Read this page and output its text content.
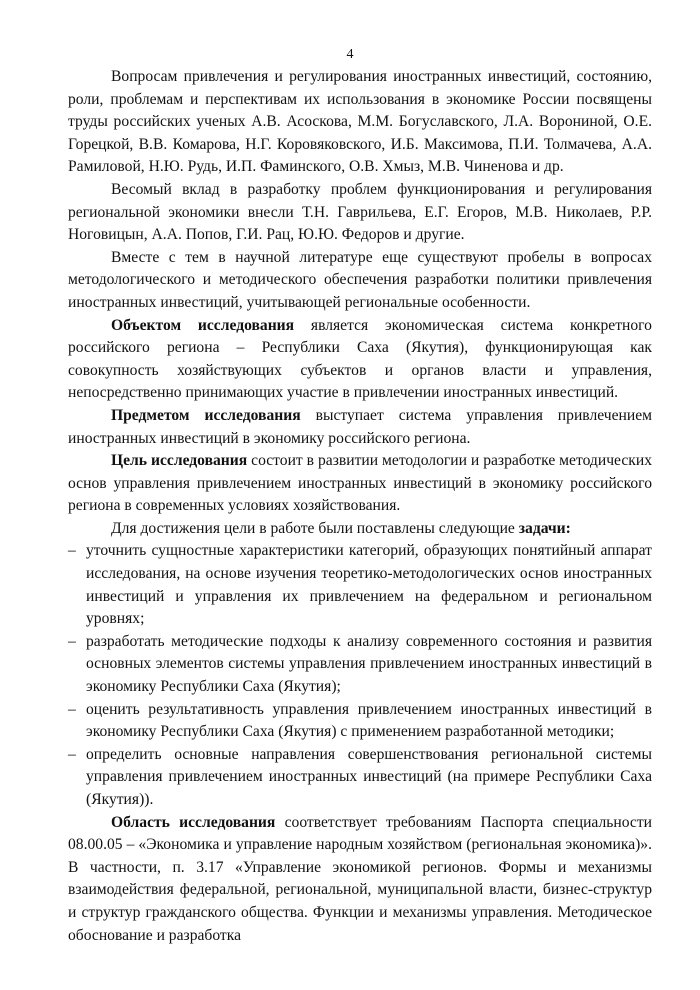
4

Вопросам привлечения и регулирования иностранных инвестиций, состоянию, роли, проблемам и перспективам их использования в экономике России посвящены труды российских ученых А.В. Асоскова, М.М. Богуславского, Л.А. Ворониной, О.Е. Горецкой, В.В. Комарова, Н.Г. Коровяковского, И.Б. Максимова, П.И. Толмачева, А.А. Рамиловой, Н.Ю. Рудь, И.П. Фаминского, О.В. Хмыз, М.В. Чиненова и др.

Весомый вклад в разработку проблем функционирования и регулирования региональной экономики внесли Т.Н. Гаврильева, Е.Г. Егоров, М.В. Николаев, Р.Р. Ноговицын, А.А. Попов, Г.И. Рац, Ю.Ю. Федоров и другие.

Вместе с тем в научной литературе еще существуют пробелы в вопросах методологического и методического обеспечения разработки политики привлечения иностранных инвестиций, учитывающей региональные особенности.

Объектом исследования является экономическая система конкретного российского региона – Республики Саха (Якутия), функционирующая как совокупность хозяйствующих субъектов и органов власти и управления, непосредственно принимающих участие в привлечении иностранных инвестиций.

Предметом исследования выступает система управления привлечением иностранных инвестиций в экономику российского региона.

Цель исследования состоит в развитии методологии и разработке методических основ управления привлечением иностранных инвестиций в экономику российского региона в современных условиях хозяйствования.

Для достижения цели в работе были поставлены следующие задачи:

– уточнить сущностные характеристики категорий, образующих понятийный аппарат исследования, на основе изучения теоретико-методологических основ иностранных инвестиций и управления их привлечением на федеральном и региональном уровнях;
– разработать методические подходы к анализу современного состояния и развития основных элементов системы управления привлечением иностранных инвестиций в экономику Республики Саха (Якутия);
– оценить результативность управления привлечением иностранных инвестиций в экономику Республики Саха (Якутия) с применением разработанной методики;
– определить основные направления совершенствования региональной системы управления привлечением иностранных инвестиций (на примере Республики Саха (Якутия)).

Область исследования соответствует требованиям Паспорта специальности 08.00.05 – «Экономика и управление народным хозяйством (региональная экономика)». В частности, п. 3.17 «Управление экономикой регионов. Формы и механизмы взаимодействия федеральной, региональной, муниципальной власти, бизнес-структур и структур гражданского общества. Функции и механизмы управления. Методическое обоснование и разработка
